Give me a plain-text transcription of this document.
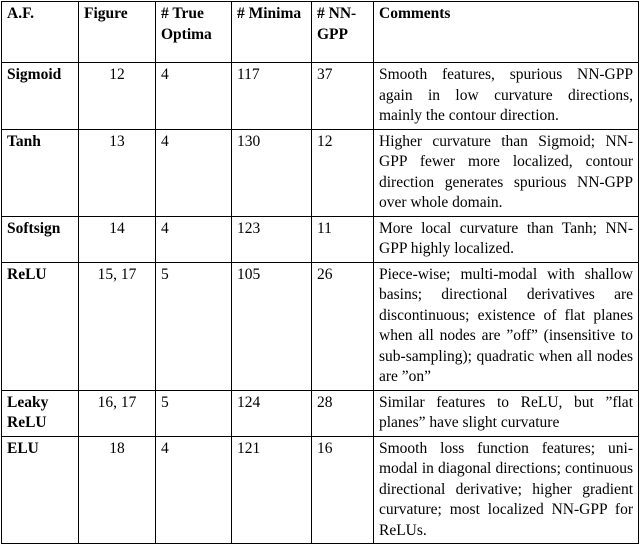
A.F.	Figure	# True Optima	# Minima	# NN-GPP	Comments
Sigmoid	12	4	117	37	Smooth features, spurious NN-GPP again in low curvature directions, mainly the contour direction.
Tanh	13	4	130	12	Higher curvature than Sigmoid; NN-GPP fewer more localized, contour direction generates spurious NN-GPP over whole domain.
Softsign	14	4	123	11	More local curvature than Tanh; NN-GPP highly localized.
ReLU	15, 17	5	105	26	Piece-wise; multi-modal with shallow basins; directional derivatives are discontinuous; existence of flat planes when all nodes are ”off” (insensitive to sub-sampling); quadratic when all nodes are ”on”
Leaky ReLU	16, 17	5	124	28	Similar features to ReLU, but ”flat planes” have slight curvature
ELU	18	4	121	16	Smooth loss function features; uni-modal in diagonal directions; continuous directional derivative; higher gradient curvature; most localized NN-GPP for ReLUs.
